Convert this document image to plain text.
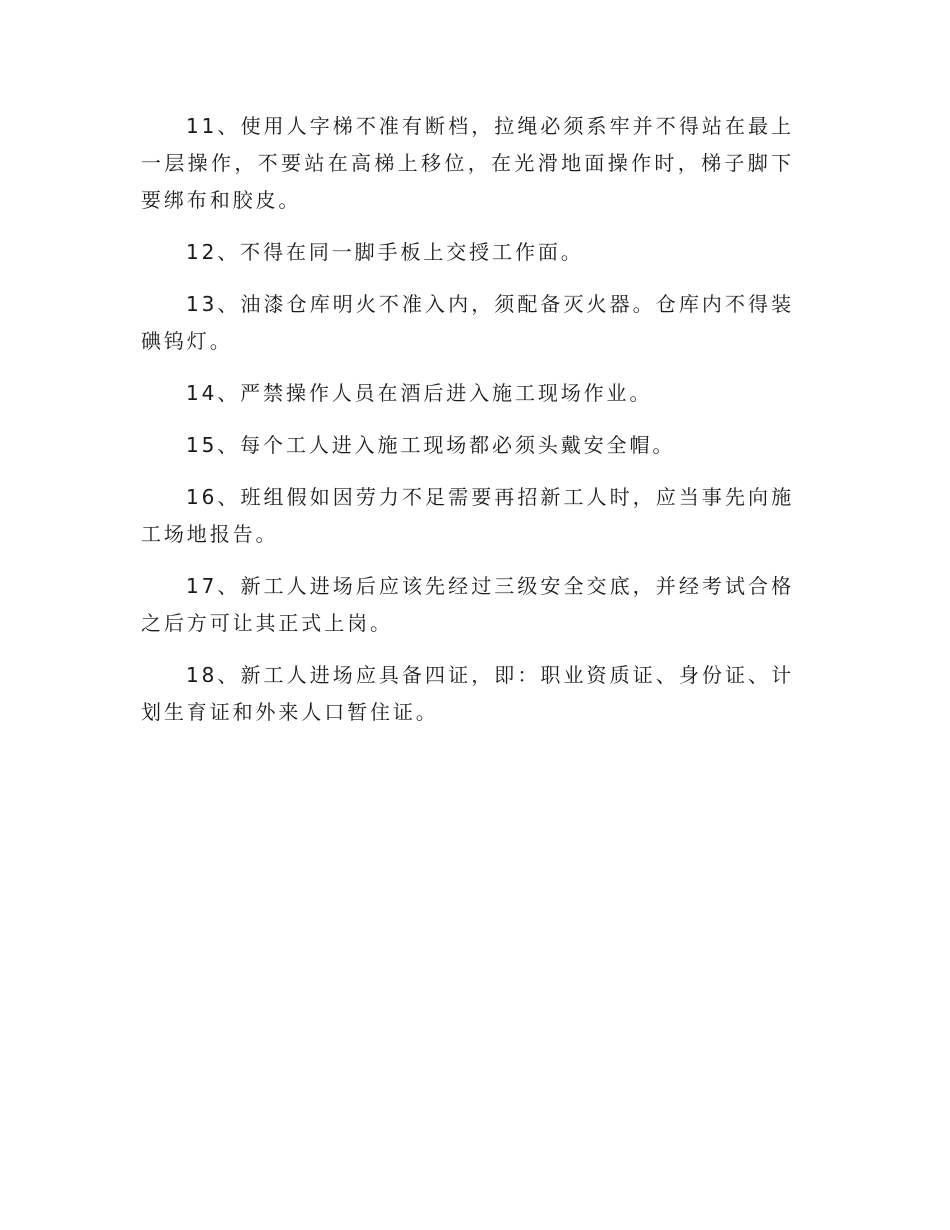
11、使用人字梯不准有断档，拉绳必须系牢并不得站在最上一层操作，不要站在高梯上移位，在光滑地面操作时，梯子脚下要绑布和胶皮。

12、不得在同一脚手板上交授工作面。

13、油漆仓库明火不准入内，须配备灭火器。仓库内不得装碘钨灯。

14、严禁操作人员在酒后进入施工现场作业。

15、每个工人进入施工现场都必须头戴安全帽。

16、班组假如因劳力不足需要再招新工人时，应当事先向施工场地报告。

17、新工人进场后应该先经过三级安全交底，并经考试合格之后方可让其正式上岗。

18、新工人进场应具备四证，即：职业资质证、身份证、计划生育证和外来人口暂住证。
